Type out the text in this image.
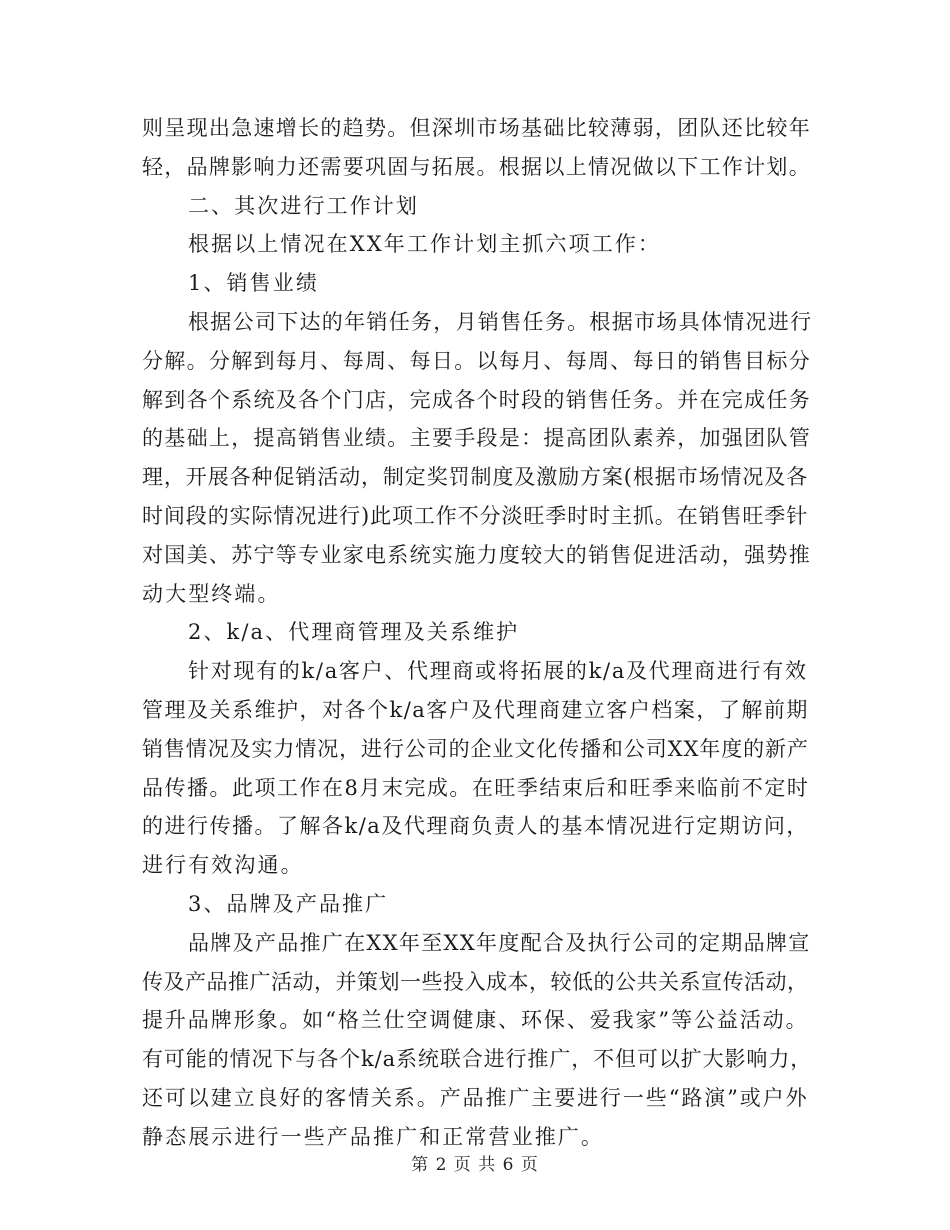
则呈现出急速增长的趋势。但深圳市场基础比较薄弱，团队还比较年
轻，品牌影响力还需要巩固与拓展。根据以上情况做以下工作计划。
二、其次进行工作计划
根据以上情况在XX年工作计划主抓六项工作：
1、销售业绩
根据公司下达的年销任务，月销售任务。根据市场具体情况进行
分解。分解到每月、每周、每日。以每月、每周、每日的销售目标分
解到各个系统及各个门店，完成各个时段的销售任务。并在完成任务
的基础上，提高销售业绩。主要手段是：提高团队素养，加强团队管
理，开展各种促销活动，制定奖罚制度及激励方案(根据市场情况及各
时间段的实际情况进行)此项工作不分淡旺季时时主抓。在销售旺季针
对国美、苏宁等专业家电系统实施力度较大的销售促进活动，强势推
动大型终端。
2、k/a、代理商管理及关系维护
针对现有的k/a客户、代理商或将拓展的k/a及代理商进行有效
管理及关系维护，对各个k/a客户及代理商建立客户档案，了解前期
销售情况及实力情况，进行公司的企业文化传播和公司XX年度的新产
品传播。此项工作在8月末完成。在旺季结束后和旺季来临前不定时
的进行传播。了解各k/a及代理商负责人的基本情况进行定期访问，
进行有效沟通。
3、品牌及产品推广
品牌及产品推广在XX年至XX年度配合及执行公司的定期品牌宣
传及产品推广活动，并策划一些投入成本，较低的公共关系宣传活动，
提升品牌形象。如“格兰仕空调健康、环保、爱我家”等公益活动。
有可能的情况下与各个k/a系统联合进行推广，不但可以扩大影响力，
还可以建立良好的客情关系。产品推广主要进行一些“路演”或户外
静态展示进行一些产品推广和正常营业推广。
第 2 页 共 6 页
